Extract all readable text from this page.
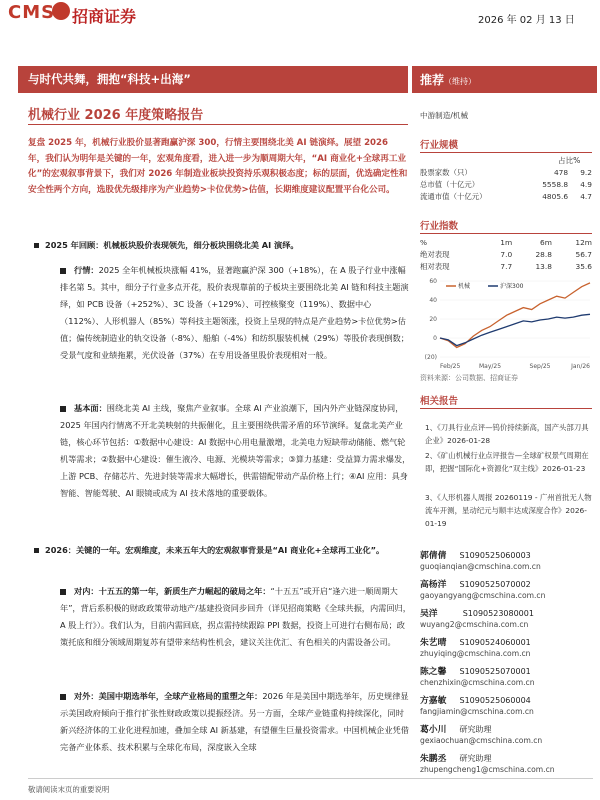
CMS 招商证券	2026 年 02 月 13 日
与时代共舞，拥抱“科技+出海”	推荐（维持）
机械行业 2026 年度策略报告
复盘 2025 年，机械行业股价显著跑赢沪深 300，行情主要围绕北美 AI 链演绎。展望 2026 年，我们认为明年是关键的一年，宏观角度看，进入进一步为顺周期大年，“AI 商业化+全球再工业化”的宏观叙事背景下，我们对 2026 年制造业板块投资持乐观积极态度；标的层面，优选确定性和安全性两个方向，选股优先级排序为产业趋势>卡位优势>估值，长期维度建议配置平台化公司。
2025 年回顾：机械板块股价表现领先，细分板块围绕北美 AI 演绎。
行情：2025 全年机械板块涨幅 41%，显著跑赢沪深 300（+18%），在 A 股子行业中涨幅排名第 5。其中，细分子行业多点开花，股价表现靠前的子板块主要围绕北美 AI 链和科技主题演绎，如 PCB 设备（+252%）、3C 设备（+129%）、可控核聚变（119%）、数据中心（112%）、人形机器人（85%）等科技主题领涨，投资上呈现的特点是产业趋势>卡位优势>估值；偏传统制造业的轨交设备（-8%）、船舶（-4%）和纺织服装机械（29%）等股价表现倒数；受景气度和业绩拖累，光伏设备（37%）在专用设备里股价表现相对一般。
基本面：围绕北美 AI 主线，聚焦产业叙事。全球 AI 产业浪潮下，国内外产业链深度协同，2025 年国内行情离不开北美映射的共振催化，且主要围绕供需矛盾的环节演绎。复盘北美产业链，核心环节包括：①数据中心建设：AI 数据中心用电量激增，北美电力短缺带动储能、燃气轮机等需求；②数据中心建设：催生液冷、电源、光模块等需求；③算力基建：受益算力需求爆发，上游 PCB、存储芯片、先进封装等需求大幅增长，供需错配带动产品价格上行；④AI 应用：具身智能、智能驾驶、AI 眼镜或成为 AI 技术落地的重要载体。
2026：关键的一年。宏观维度，未来五年大的宏观叙事背景是“AI 商业化+全球再工业化”。
对内：十五五的第一年，新质生产力崛起的破局之年：“十五五”或开启“逢六进一顺周期大年”，背后系积极的财政政策带动地产/基建投资同步回升（详见招商策略《全球共振，内需回归，A 股上行》）。我们认为，目前内需回底，拐点需持续跟踪 PPI 数据，投资上可进行右侧布局；政策托底和细分领域周期复苏有望带来结构性机会，建议关注优汇、有色相关的内需设备公司。
对外：美国中期选举年，全球产业格局的重塑之年：2026 年是美国中期选举年，历史规律显示美国政府倾向于推行扩张性财政政策以提振经济。另一方面，全球产业链重构持续深化，同时新兴经济体的工业化进程加速，叠加全球 AI 新基建，有望催生巨量投资需求。中国机械企业凭借完备产业体系、技术积累与全球化布局，深度嵌入全球
中游制造/机械
行业规模
占比%
股票家数（只）	478	9.2
总市值（十亿元）	5558.8	4.9
流通市值（十亿元）	4805.6	4.7
行业指数
%	1m	6m	12m
绝对表现	7.0	28.8	56.7
相对表现	7.7	13.8	35.6
(20)
0
20
40
60
Feb/25	May/25	Sep/25	Jan/26
机械	沪深300
资料来源：公司数据、招商证券
相关报告
1、《刀具行业点评—钨价持续新高，国产头部刀具企业》2026-01-28
2、《矿山机械行业点评报告—全球矿权景气周期在即，把握“国际化+资源化”双主线》2026-01-23
3、《人形机器人周报 20260119 - 广州首批无人物流车开测，星动纪元与顺丰达成深度合作》2026-01-19
郭倩倩 S1090525060003
guoqianqian@cmschina.com.cn
高杨洋 S1090525070002
gaoyangyang@cmschina.com.cn
吴洋	S1090523080001
wuyang2@cmschina.com.cn
朱艺晴 S1090524060001
zhuyiqing@cmschina.com.cn
陈之馨 S1090525070001
chenzhixin@cmschina.com.cn
方嘉敏 S1090525060004
fangjiamin@cmschina.com.cn
葛小川 研究助理
gexiaochuan@cmschina.com.cn
朱鹏丞 研究助理
zhupengcheng1@cmschina.com.cn
敬请阅读末页的重要说明
